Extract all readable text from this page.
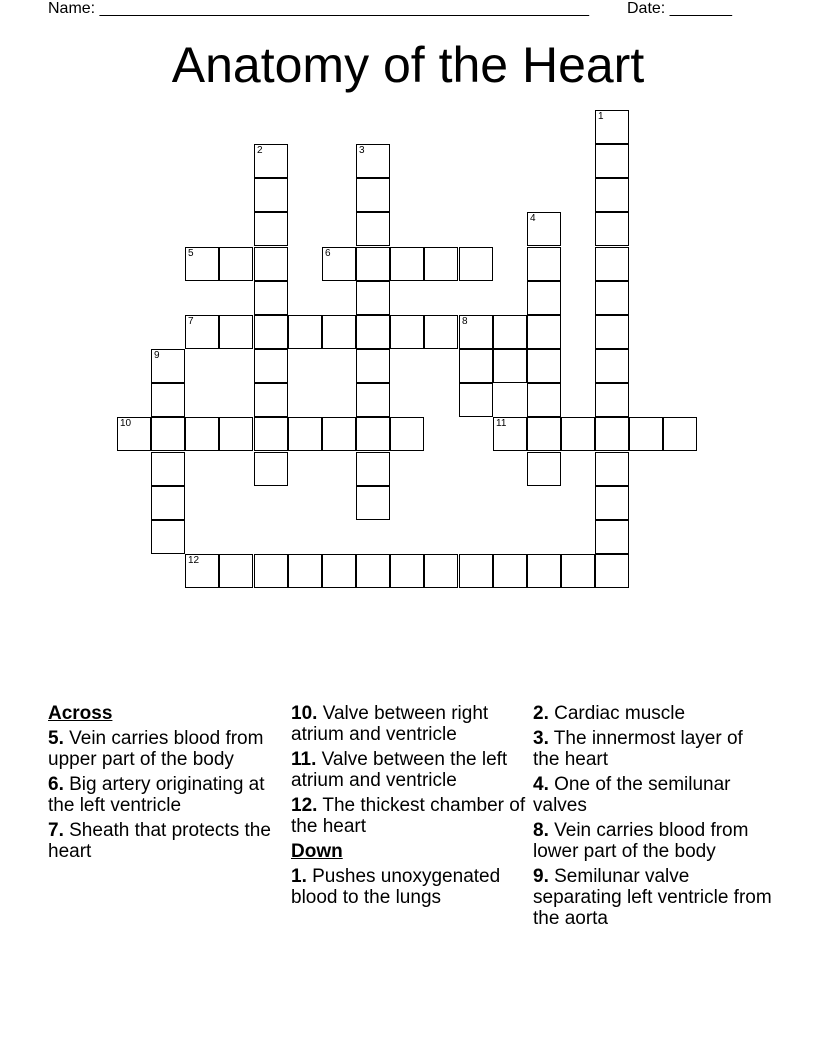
Name: _______________________________________________________ Date: _______
Anatomy of the Heart
1
2	3
4
5	6
7	8
9
10	11
12
Across
5. Vein carries blood from upper part of the body
6. Big artery originating at the left ventricle
7. Sheath that protects the heart
10. Valve between right atrium and ventricle
11. Valve between the left atrium and ventricle
12. The thickest chamber of the heart
Down
1. Pushes unoxygenated blood to the lungs
2. Cardiac muscle
3. The innermost layer of the heart
4. One of the semilunar valves
8. Vein carries blood from lower part of the body
9. Semilunar valve separating left ventricle from the aorta
